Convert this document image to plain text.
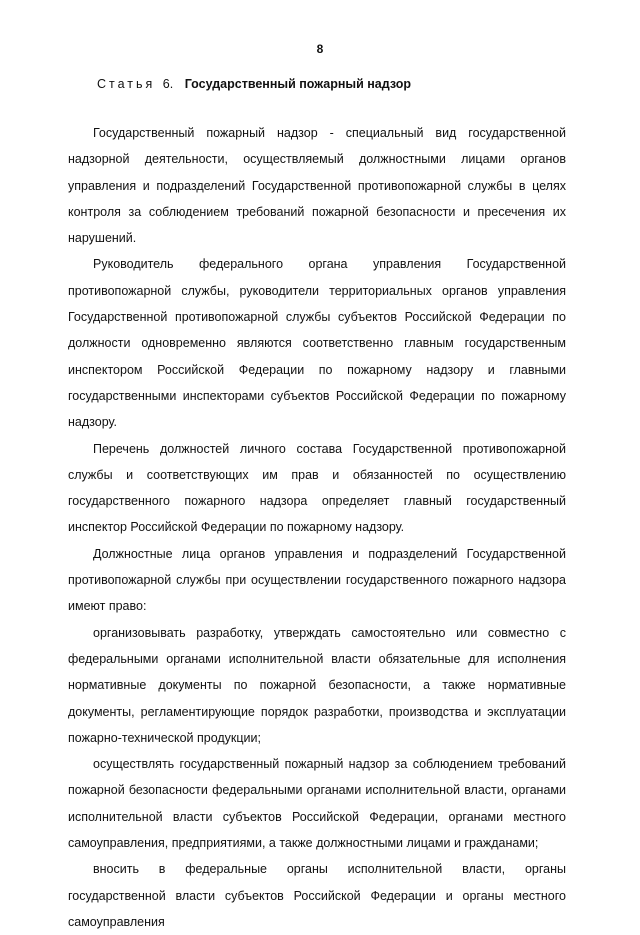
8
Статья 6. Государственный пожарный надзор

Государственный пожарный надзор - специальный вид государственной надзорной деятельности, осуществляемый должностными лицами органов управления и подразделений Государственной противопожарной службы в целях контроля за соблюдением требований пожарной безопасности и пресечения их нарушений.

Руководитель федерального органа управления Государственной противопожарной службы, руководители территориальных органов управления Государственной противопожарной службы субъектов Российской Федерации по должности одновременно являются соответственно главным государственным инспектором Российской Федерации по пожарному надзору и главными государственными инспекторами субъектов Российской Федерации по пожарному надзору.

Перечень должностей личного состава Государственной противопожарной службы и соответствующих им прав и обязанностей по осуществлению государственного пожарного надзора определяет главный государственный инспектор Российской Федерации по пожарному надзору.

Должностные лица органов управления и подразделений Государственной противопожарной службы при осуществлении государственного пожарного надзора имеют право:

организовывать разработку, утверждать самостоятельно или совместно с федеральными органами исполнительной власти обязательные для исполнения нормативные документы по пожарной безопасности, а также нормативные документы, регламентирующие порядок разработки, производства и эксплуатации пожарно-технической продукции;

осуществлять государственный пожарный надзор за соблюдением требований пожарной безопасности федеральными органами исполнительной власти, органами исполнительной власти субъектов Российской Федерации, органами местного самоуправления, предприятиями, а также должностными лицами и гражданами;

вносить в федеральные органы исполнительной власти, органы государственной власти субъектов Российской Федерации и органы местного самоуправления
